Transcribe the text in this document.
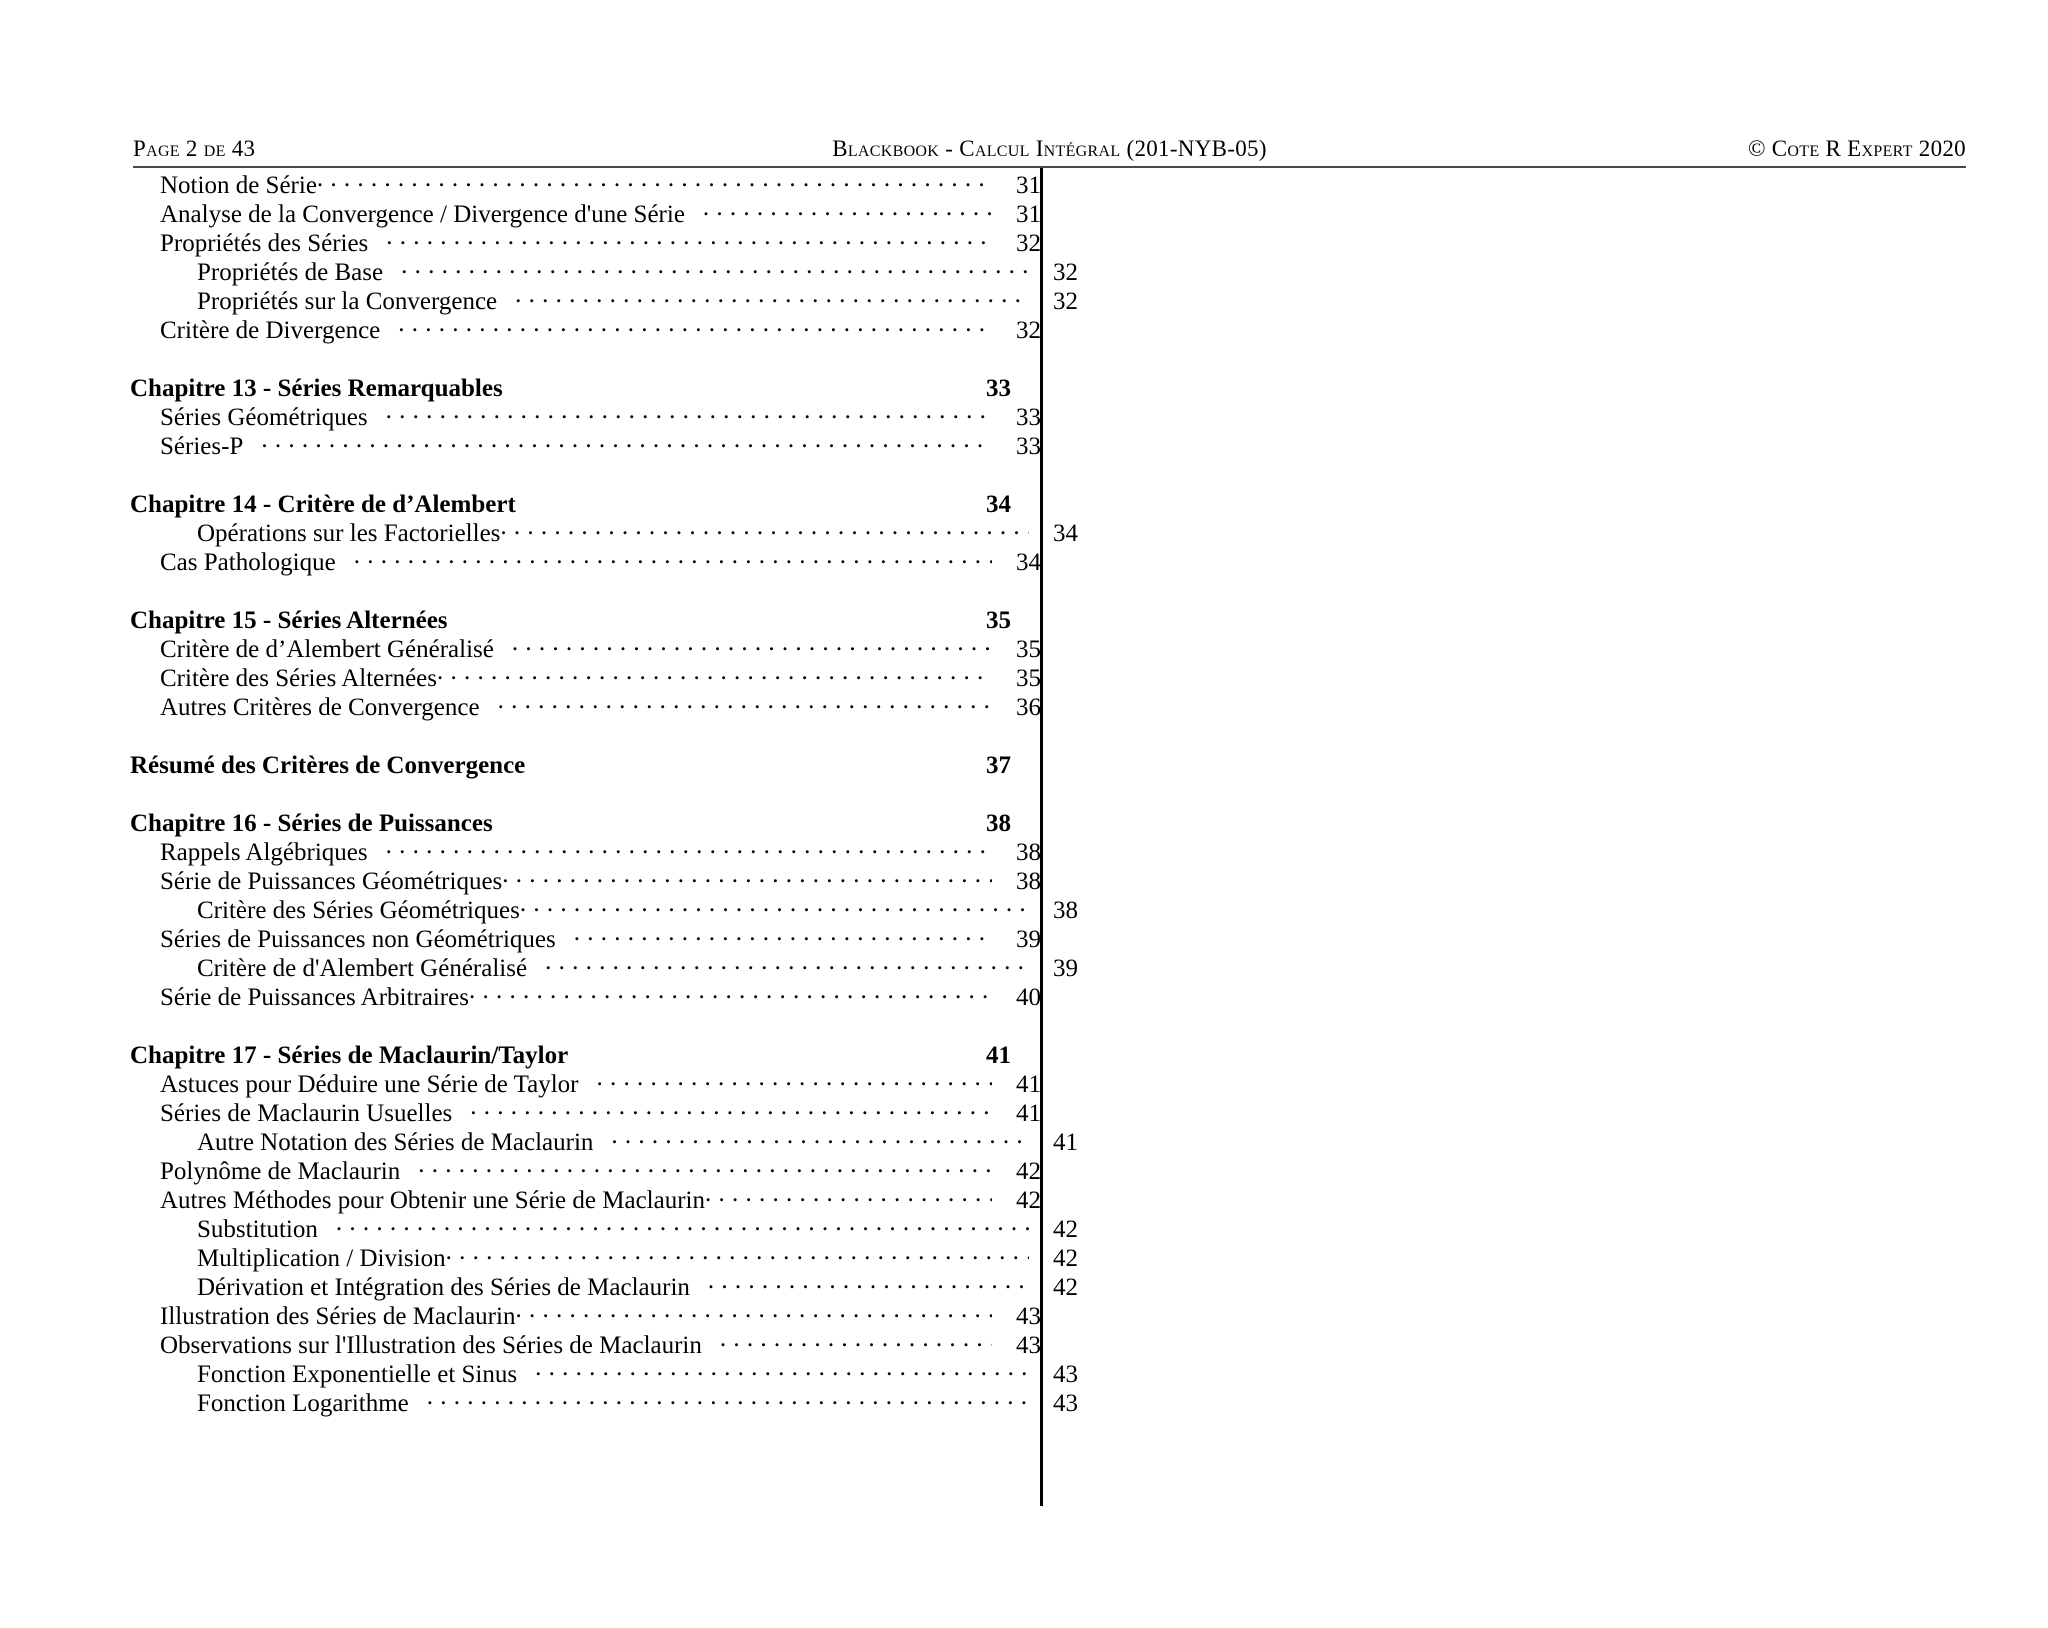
Page 2 de 43	Blackbook - Calcul Intégral (201-NYB-05)	© Cote R Expert 2020
Notion de Série . . .	31
Analyse de la Convergence / Divergence d'une Série . . .	31
Propriétés des Séries . . .	32
Propriétés de Base . . .	32
Propriétés sur la Convergence . . .	32
Critère de Divergence . . .	32
Chapitre 13 - Séries Remarquables	33
Séries Géométriques . . .	33
Séries-P . . .	33
Chapitre 14 - Critère de d’Alembert	34
Opérations sur les Factorielles . . .	34
Cas Pathologique . . .	34
Chapitre 15 - Séries Alternées	35
Critère de d’Alembert Généralisé . . .	35
Critère des Séries Alternées . . .	35
Autres Critères de Convergence . . .	36
Résumé des Critères de Convergence	37
Chapitre 16 - Séries de Puissances	38
Rappels Algébriques . . .	38
Série de Puissances Géométriques . . .	38
Critère des Séries Géométriques . . .	38
Séries de Puissances non Géométriques . . .	39
Critère de d'Alembert Généralisé . . .	39
Série de Puissances Arbitraires . . .	40
Chapitre 17 - Séries de Maclaurin/Taylor	41
Astuces pour Déduire une Série de Taylor . . .	41
Séries de Maclaurin Usuelles . . .	41
Autre Notation des Séries de Maclaurin . . .	41
Polynôme de Maclaurin . . .	42
Autres Méthodes pour Obtenir une Série de Maclaurin . . .	42
Substitution . . .	42
Multiplication / Division . . .	42
Dérivation et Intégration des Séries de Maclaurin . . .	42
Illustration des Séries de Maclaurin . . .	43
Observations sur l'Illustration des Séries de Maclaurin . . .	43
Fonction Exponentielle et Sinus . . .	43
Fonction Logarithme . . .	43
